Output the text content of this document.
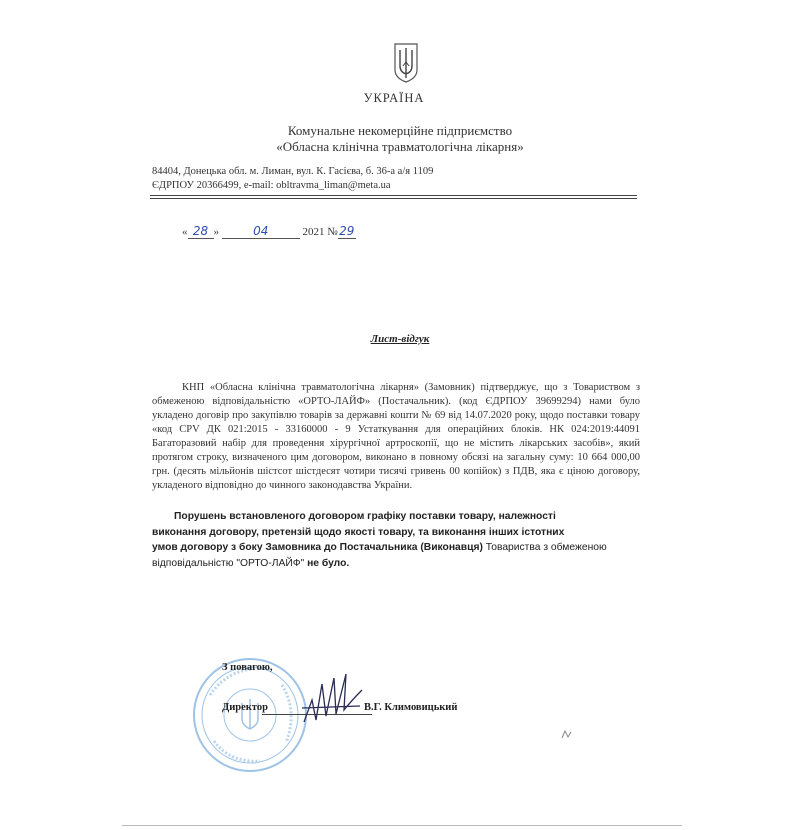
УКРАЇНА
Комунальне некомерційне підприємство
«Обласна клінічна травматологічна лікарня»
84404, Донецька обл. м. Лиман, вул. К. Гасієва, б. 36-а а/я 1109
ЄДРПОУ 20366499, e-mail: obltravma_liman@meta.ua
« 28 »	04	2021 №29
Лист-відгук
КНП «Обласна клінічна травматологічна лікарня» (Замовник) підтверджує, що з Товариством з обмеженою відповідальністю «ОРТО-ЛАЙФ» (Постачальник). (код ЄДРПОУ 39699294) нами було укладено договір про закупівлю товарів за державні кошти № 69 від 14.07.2020 року, щодо поставки товару «код CPV ДК 021:2015 - 33160000 - 9 Устаткування для операційних блоків. НК 024:2019:44091 Багаторазовий набір для проведення хірургічної артроскопії, що не містить лікарських засобів», який протягом строку, визначеного цим договором, виконано в повному обсязі на загальну суму: 10 664 000,00 грн. (десять мільйонів шістсот шістдесят чотири тисячі гривень 00 копійок) з ПДВ, яка є ціною договору, укладеного відповідно до чинного законодавства України.
Порушень встановленого договором графіку поставки товару, належності
виконання договору, претензій щодо якості товару, та виконання інших істотних
умов договору з боку Замовника до Постачальника (Виконавця) Товариства з обмеженою
відповідальністю "ОРТО-ЛАЙФ" не було.
З повагою,
Директор	В.Г. Климовицький
